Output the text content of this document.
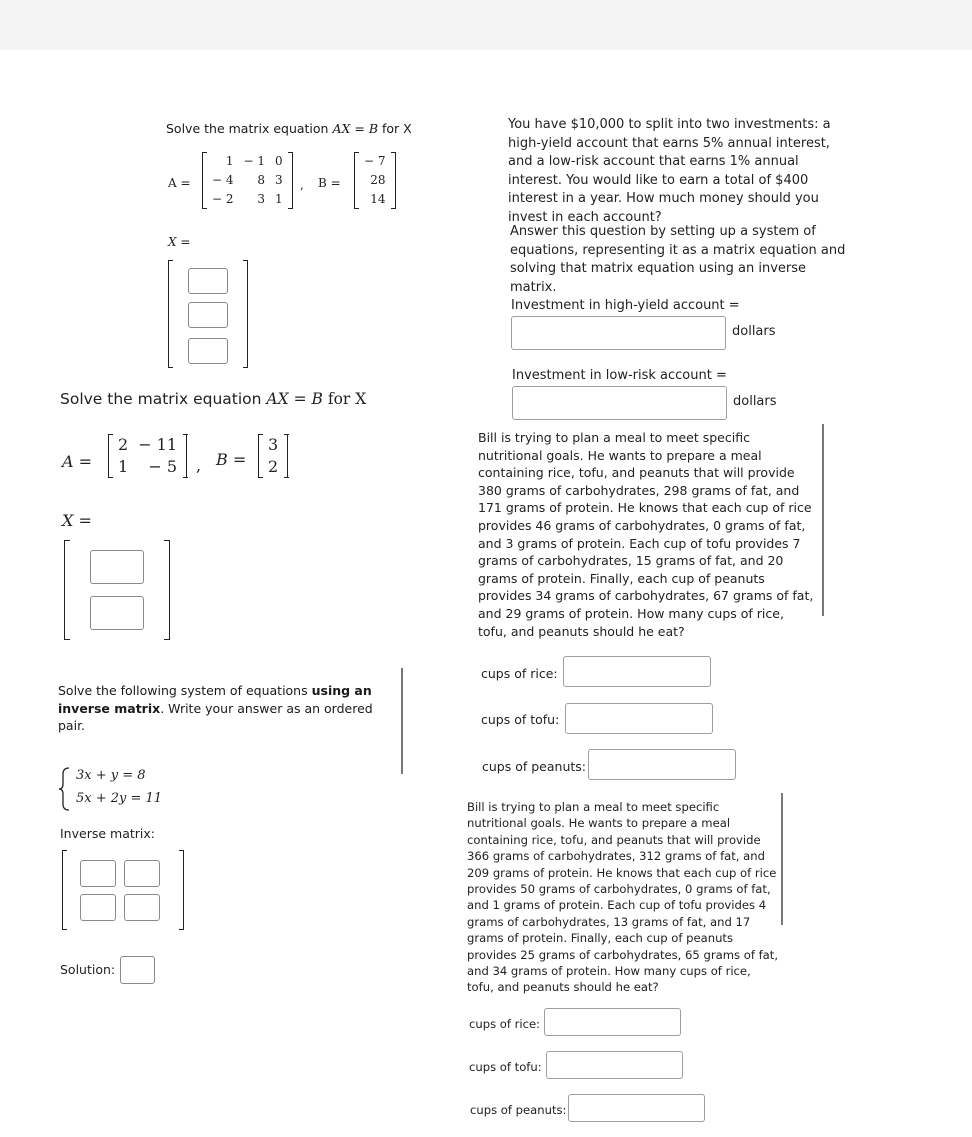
Solve the matrix equation AX = B for X
A =
1	− 1	0
− 4	8	3
− 2	3	1
, B =
− 7
28
14
X =
Solve the matrix equation AX = B for X
A =
2	− 11
1	− 5 , B =
3
2
X =
Solve the following system of equations using an inverse matrix. Write your answer as an ordered pair.
3x + y = 8
5x + 2y = 11
Inverse matrix:
Solution:
You have $10,000 to split into two investments: a high-yield account that earns 5% annual interest, and a low-risk account that earns 1% annual interest. You would like to earn a total of $400 interest in a year. How much money should you invest in each account?
Answer this question by setting up a system of equations, representing it as a matrix equation and solving that matrix equation using an inverse matrix.
Investment in high-yield account =
dollars
Investment in low-risk account =
dollars
Bill is trying to plan a meal to meet specific nutritional goals. He wants to prepare a meal containing rice, tofu, and peanuts that will provide 380 grams of carbohydrates, 298 grams of fat, and 171 grams of protein. He knows that each cup of rice provides 46 grams of carbohydrates, 0 grams of fat, and 3 grams of protein. Each cup of tofu provides 7 grams of carbohydrates, 15 grams of fat, and 20 grams of protein. Finally, each cup of peanuts provides 34 grams of carbohydrates, 67 grams of fat, and 29 grams of protein. How many cups of rice, tofu, and peanuts should he eat?
cups of rice:
cups of tofu:
cups of peanuts:
Bill is trying to plan a meal to meet specific nutritional goals. He wants to prepare a meal containing rice, tofu, and peanuts that will provide 366 grams of carbohydrates, 312 grams of fat, and 209 grams of protein. He knows that each cup of rice provides 50 grams of carbohydrates, 0 grams of fat, and 1 grams of protein. Each cup of tofu provides 4 grams of carbohydrates, 13 grams of fat, and 17 grams of protein. Finally, each cup of peanuts provides 25 grams of carbohydrates, 65 grams of fat, and 34 grams of protein. How many cups of rice, tofu, and peanuts should he eat?
cups of rice:
cups of tofu:
cups of peanuts:
